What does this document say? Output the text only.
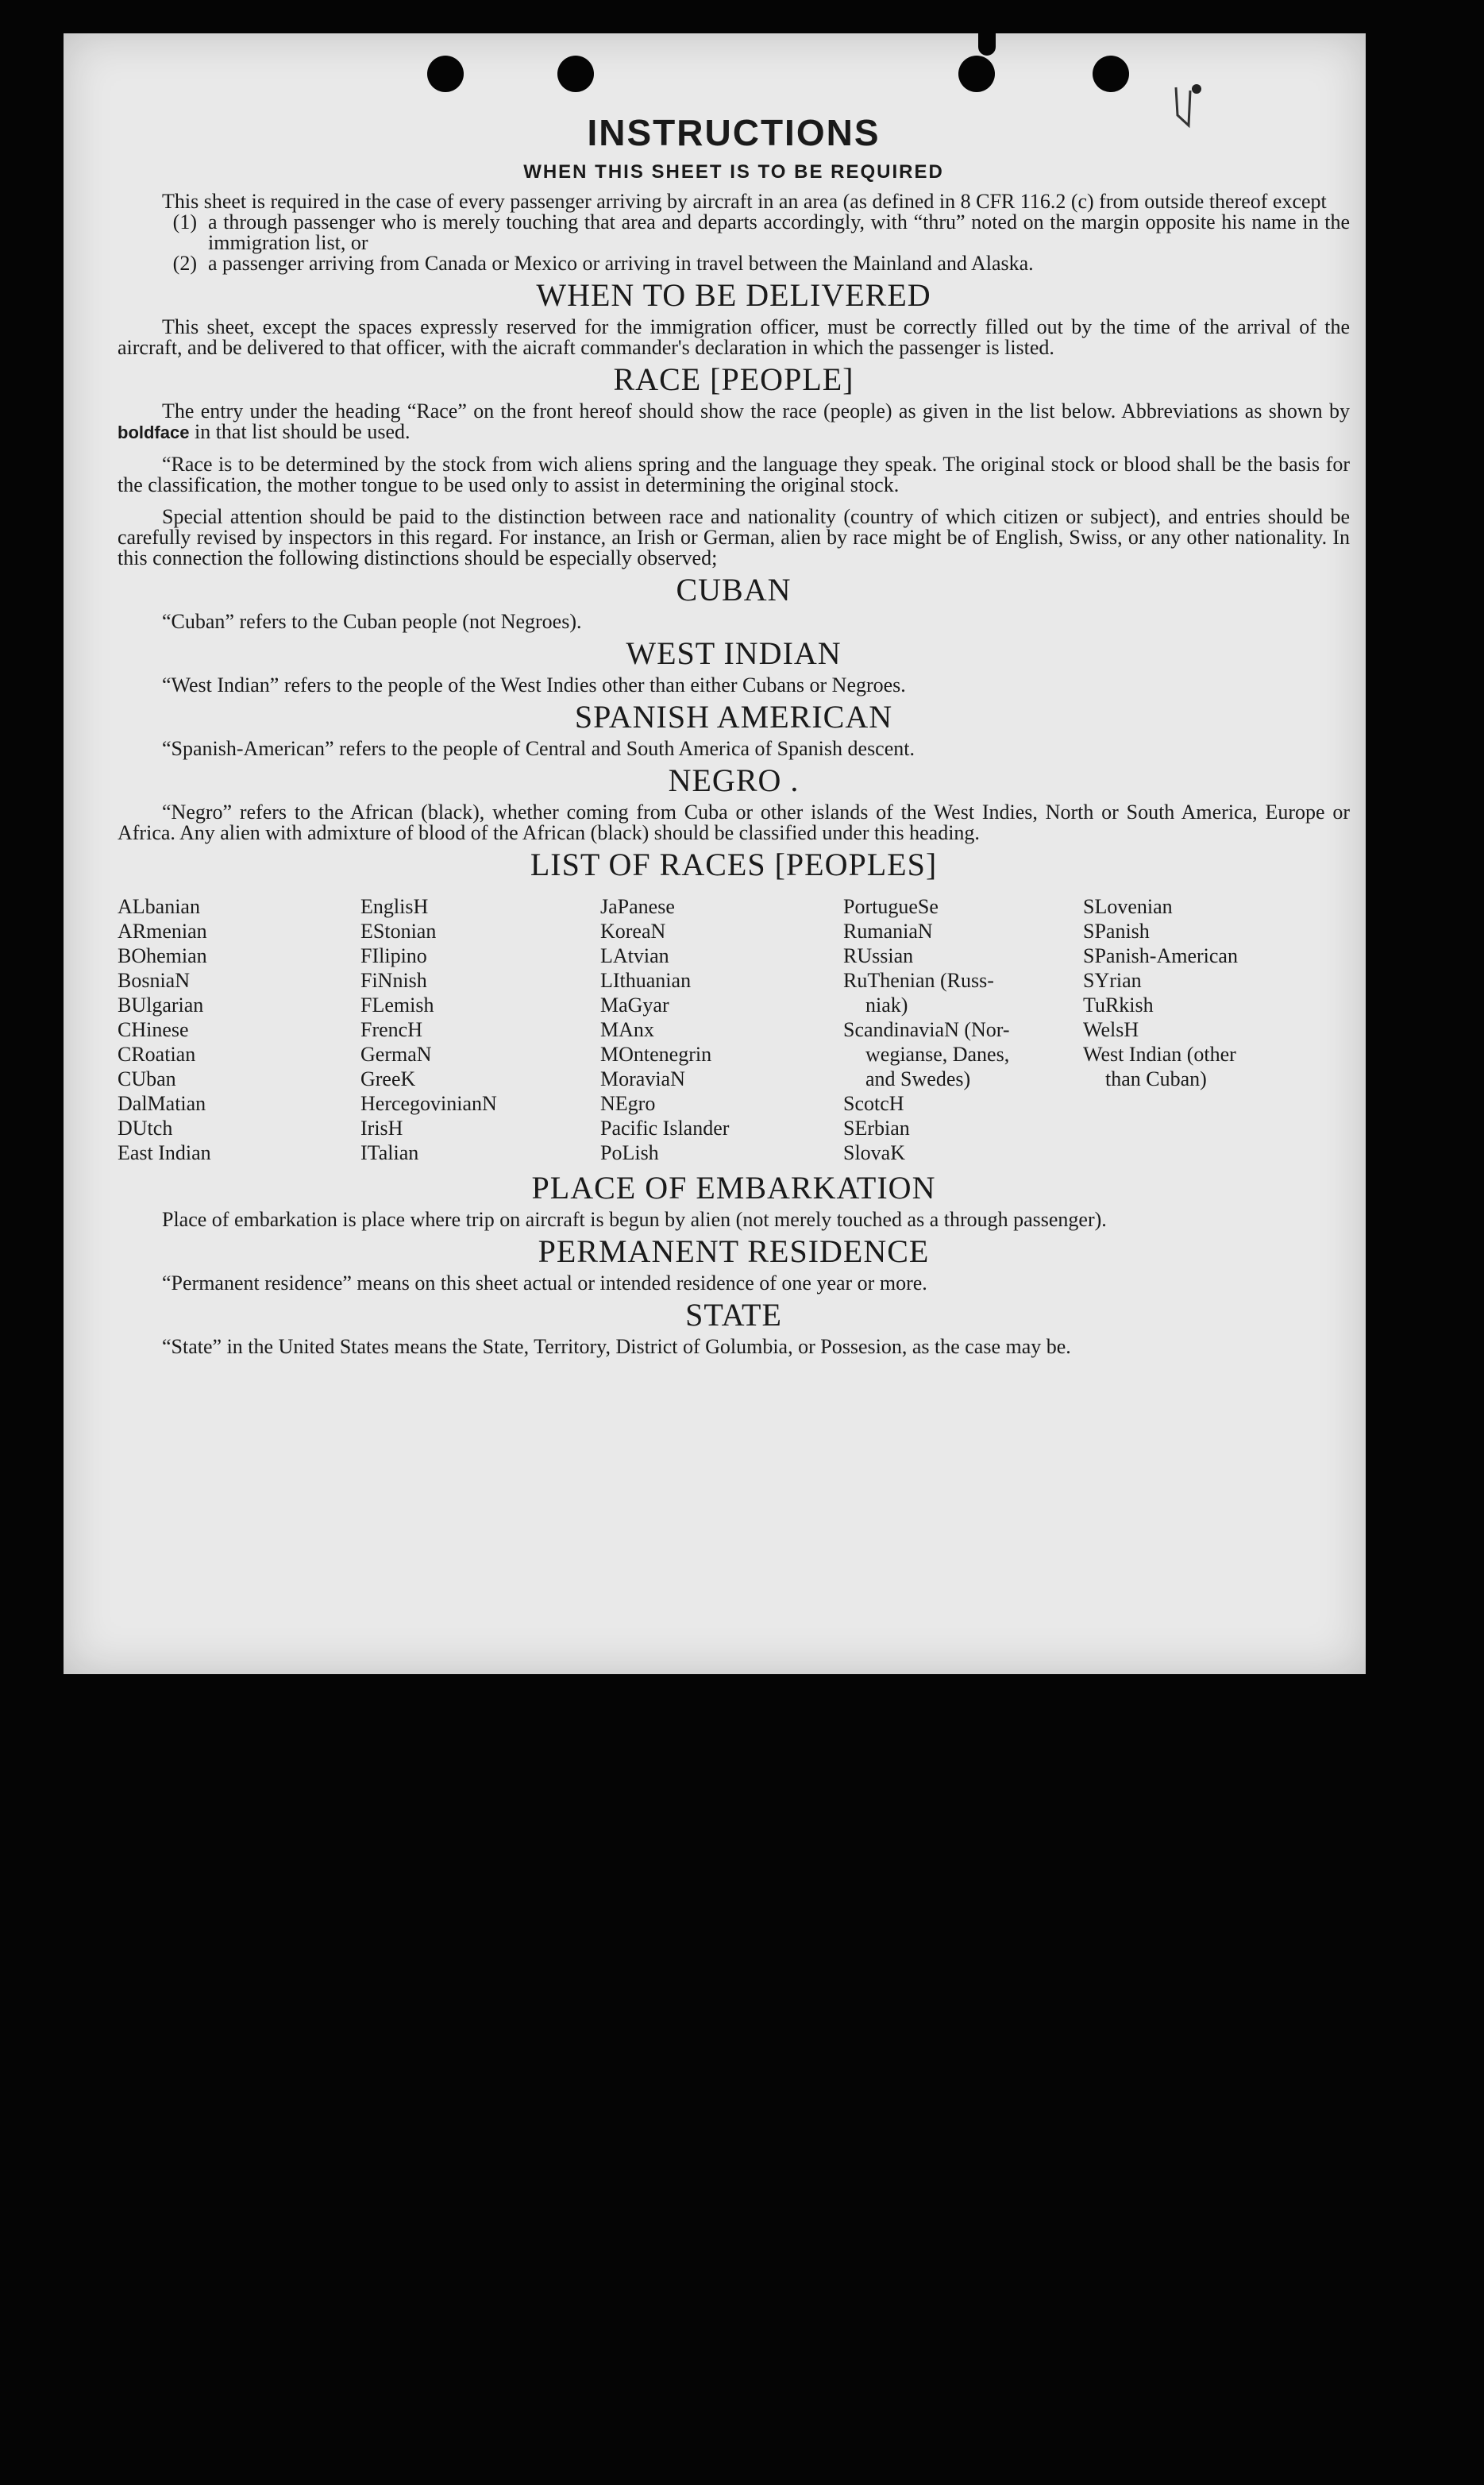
INSTRUCTIONS
WHEN THIS SHEET IS TO BE REQUIRED

This sheet is required in the case of every passenger arriving by aircraft in an area (as defined in 8 CFR 116.2 (c) from outside thereof except

(1) a through passenger who is merely touching that area and departs accordingly, with “thru” noted on the margin opposite his name in the immigration list, or
(2) a passenger arriving from Canada or Mexico or arriving in travel between the Mainland and Alaska.
WHEN TO BE DELIVERED

This sheet, except the spaces expressly reserved for the immigration officer, must be correctly filled out by the time of the arrival of the aircraft, and be delivered to that officer, with the aicraft commander's declaration in which the passenger is listed.

RACE [PEOPLE]

The entry under the heading “Race” on the front hereof should show the race (people) as given in the list below. Abbreviations as shown by boldface in that list should be used.

“Race is to be determined by the stock from wich aliens spring and the language they speak. The original stock or blood shall be the basis for the classification, the mother tongue to be used only to assist in determining the original stock.

Special attention should be paid to the distinction between race and nationality (country of which citizen or subject), and entries should be carefully revised by inspectors in this regard. For instance, an Irish or German, alien by race might be of English, Swiss, or any other nationality. In this connection the following distinctions should be especially observed;

CUBAN

“Cuban” refers to the Cuban people (not Negroes).

WEST INDIAN

“West Indian” refers to the people of the West Indies other than either Cubans or Negroes.

SPANISH AMERICAN

“Spanish-American” refers to the people of Central and South America of Spanish descent.

NEGRO .

“Negro” refers to the African (black), whether coming from Cuba or other islands of the West Indies, North or South America, Europe or Africa. Any alien with admixture of blood of the African (black) should be classified under this heading.

LIST OF RACES [PEOPLES]
ALbanian
ARmenian
BOhemian
BosniaN
BUlgarian
CHinese
CRoatian
CUban
DalMatian
DUtch
East Indian
EnglisH
EStonian
FIlipino
FiNnish
FLemish
FrencH
GermaN
GreeK
HercegovinianN
IrisH
ITalian
JaPanese
KoreaN
LAtvian
LIthuanian
MaGyar
MAnx
MOntenegrin
MoraviaN
NEgro
Pacific Islander
PoLish
PortugueSe
RumaniaN
RUssian
RuThenian (Russ-
niak)
ScandinaviaN (Nor-
wegianse, Danes,
and Swedes)
ScotcH
SErbian
SlovaK
SLovenian
SPanish
SPanish-American
SYrian
TuRkish
WelsH
West Indian (other
than Cuban)
PLACE OF EMBARKATION

Place of embarkation is place where trip on aircraft is begun by alien (not merely touched as a through passenger).

PERMANENT RESIDENCE

“Permanent residence” means on this sheet actual or intended residence of one year or more.

STATE

“State” in the United States means the State, Territory, District of Golumbia, or Possesion, as the case may be.
